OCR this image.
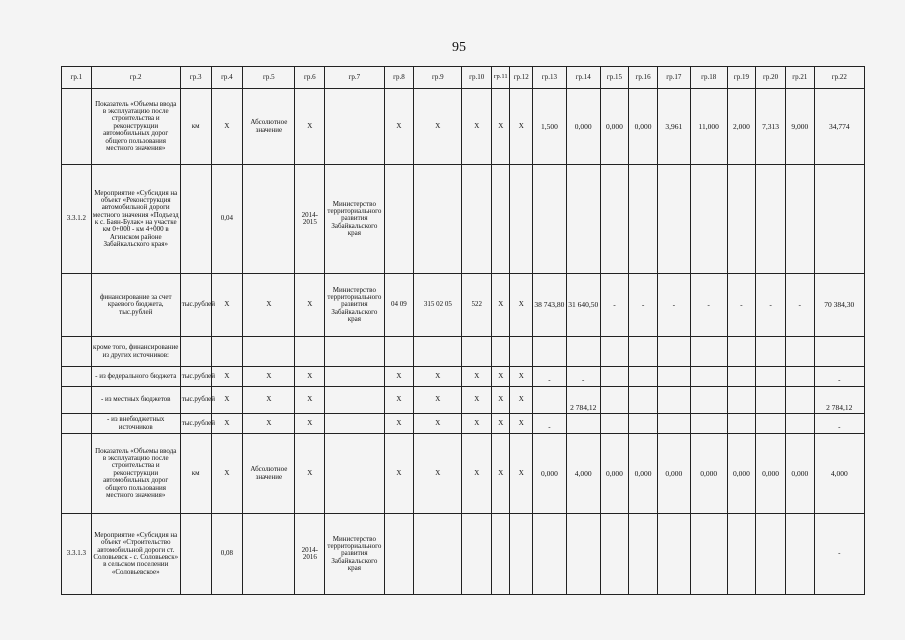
95
гр.1	гр.2	гр.3	гр.4	гр.5	гр.6	гр.7	гр.8	гр.9	гр.10	гр.11	гр.12	гр.13	гр.14	гр.15	гр.16	гр.17	гр.18	гр.19	гр.20	гр.21	гр.22
	Показатель «Объемы ввода в эксплуатацию после строительства и реконструкции автомобильных дорог общего пользования местного значения»	км	Х	Абсолютное значение	Х		Х	Х	Х	Х	Х	1,500	0,000	0,000	0,000	3,961	11,000	2,000	7,313	9,000	34,774
3.3.1.2	Мероприятие «Субсидия на объект «Реконструкция автомобильной дороги местного значения «Подъезд к с. Баян-Булак» на участке км 0+000 - км 4+000 в Агинском районе Забайкальского края»		0,04		2014-2015	Министерство территориального развития Забайкальского края															
	финансирование за счет краевого бюджета, тыс.рублей	тыс.рублей	Х	Х	Х	Министерство территориального развития Забайкальского края	04 09	315 02 05	522	Х	Х	38 743,80	31 640,50	-	-	-	-	-	-	-	70 384,30
	кроме того, финансирование из других источников:																				
	- из федерального бюджета	тыс.рублей	Х	Х	Х		Х	Х	Х	Х	Х	-	-								-
	- из местных бюджетов	тыс.рублей	Х	Х	Х		Х	Х	Х	Х	Х		2 784,12								2 784,12
	- из внебюджетных источников	тыс.рублей	Х	Х	Х		Х	Х	Х	Х	Х	-									-
	Показатель «Объемы ввода в эксплуатацию после строительства и реконструкции автомобильных дорог общего пользования местного значения»	км	Х	Абсолютное значение	Х		Х	Х	Х	Х	Х	0,000	4,000	0,000	0,000	0,000	0,000	0,000	0,000	0,000	4,000
3.3.1.3	Мероприятие «Субсидия на объект «Строительство автомобильной дороги ст. Соловьевск - с. Соловьевск» в сельском поселении «Соловьевское»		0,08		2014-2016	Министерство территориального развития Забайкальского края															-
